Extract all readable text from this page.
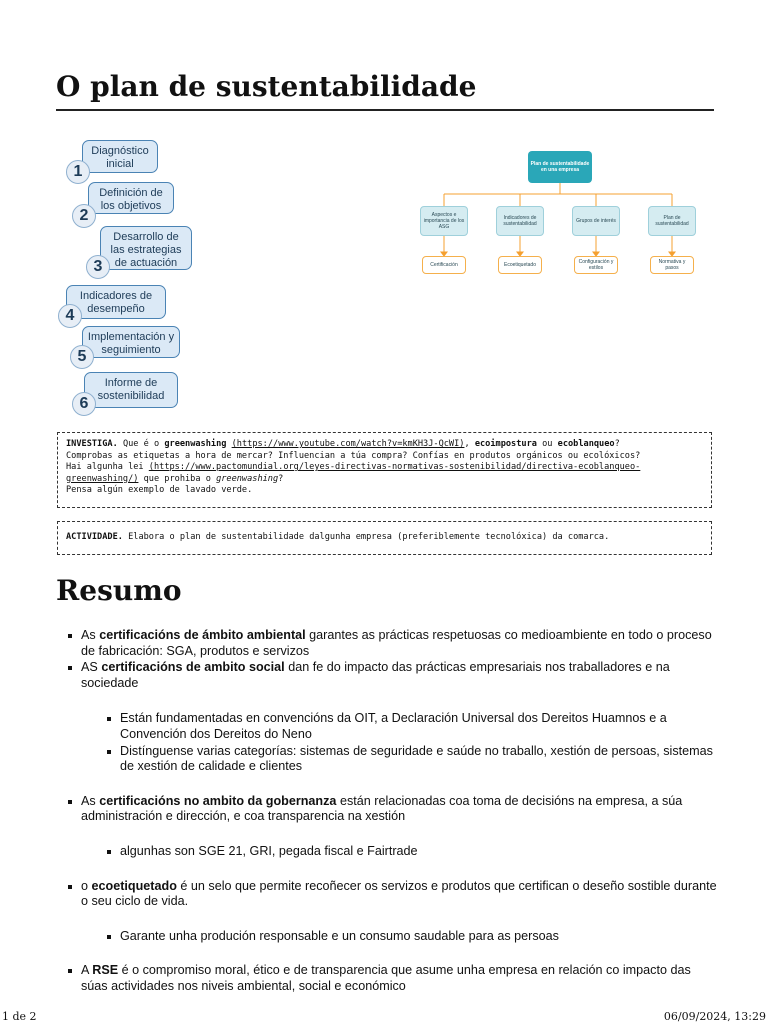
O plan de sustentabilidade
Diagnóstico inicial
1
Definición de los objetivos
2
Desarrollo de las estrategias de actuación
3
Indicadores de desempeño
4
Implementación y seguimiento
5
Informe de sostenibilidad
6
Plan de sustentabilidade en una empresa
Aspectos e importancia de los ASG
Indicadores de sustentabilidad	Grupos de interés	Plan de sustentabilidad
Certificación	Ecoetiquetado	Configuración y estilos
Normativa y pasos
INVESTIGA. Que é o greenwashing (https://www.youtube.com/watch?v=kmKH3J-QcWI), ecoimpostura ou ecoblanqueo?
Comprobas as etiquetas a hora de mercar? Influencian a túa compra? Confías en produtos orgánicos ou ecolóxicos?
Hai algunha lei (https://www.pactomundial.org/leyes-directivas-normativas-sostenibilidad/directiva-ecoblanqueo-greenwashing/) que prohiba o greenwashing?
Pensa algún exemplo de lavado verde.
ACTIVIDADE. Elabora o plan de sustentabilidade dalgunha empresa (preferiblemente tecnolóxica) da comarca.
Resumo
As certificacións de ámbito ambiental garantes as prácticas respetuosas co medioambiente en todo o proceso de fabricación: SGA, produtos e servizos
AS certificacións de ambito social dan fe do impacto das prácticas empresariais nos traballadores e na sociedade
Están fundamentadas en convencións da OIT, a Declaración Universal dos Dereitos Huamnos e a Convención dos Dereitos do Neno
Distínguense varias categorías: sistemas de seguridade e saúde no traballo, xestión de persoas, sistemas de xestión de calidade e clientes
As certificacións no ambito da gobernanza están relacionadas coa toma de decisións na empresa, a súa administración e dirección, e coa transparencia na xestión
algunhas son SGE 21, GRI, pegada fiscal e Fairtrade
o ecoetiquetado é un selo que permite recoñecer os servizos e produtos que certifican o deseño sostible durante o seu ciclo de vida.
Garante unha produción responsable e un consumo saudable para as persoas
A RSE é o compromiso moral, ético e de transparencia que asume unha empresa en relación co impacto das súas actividades nos niveis ambiental, social e económico
1 de 2	06/09/2024, 13:29
